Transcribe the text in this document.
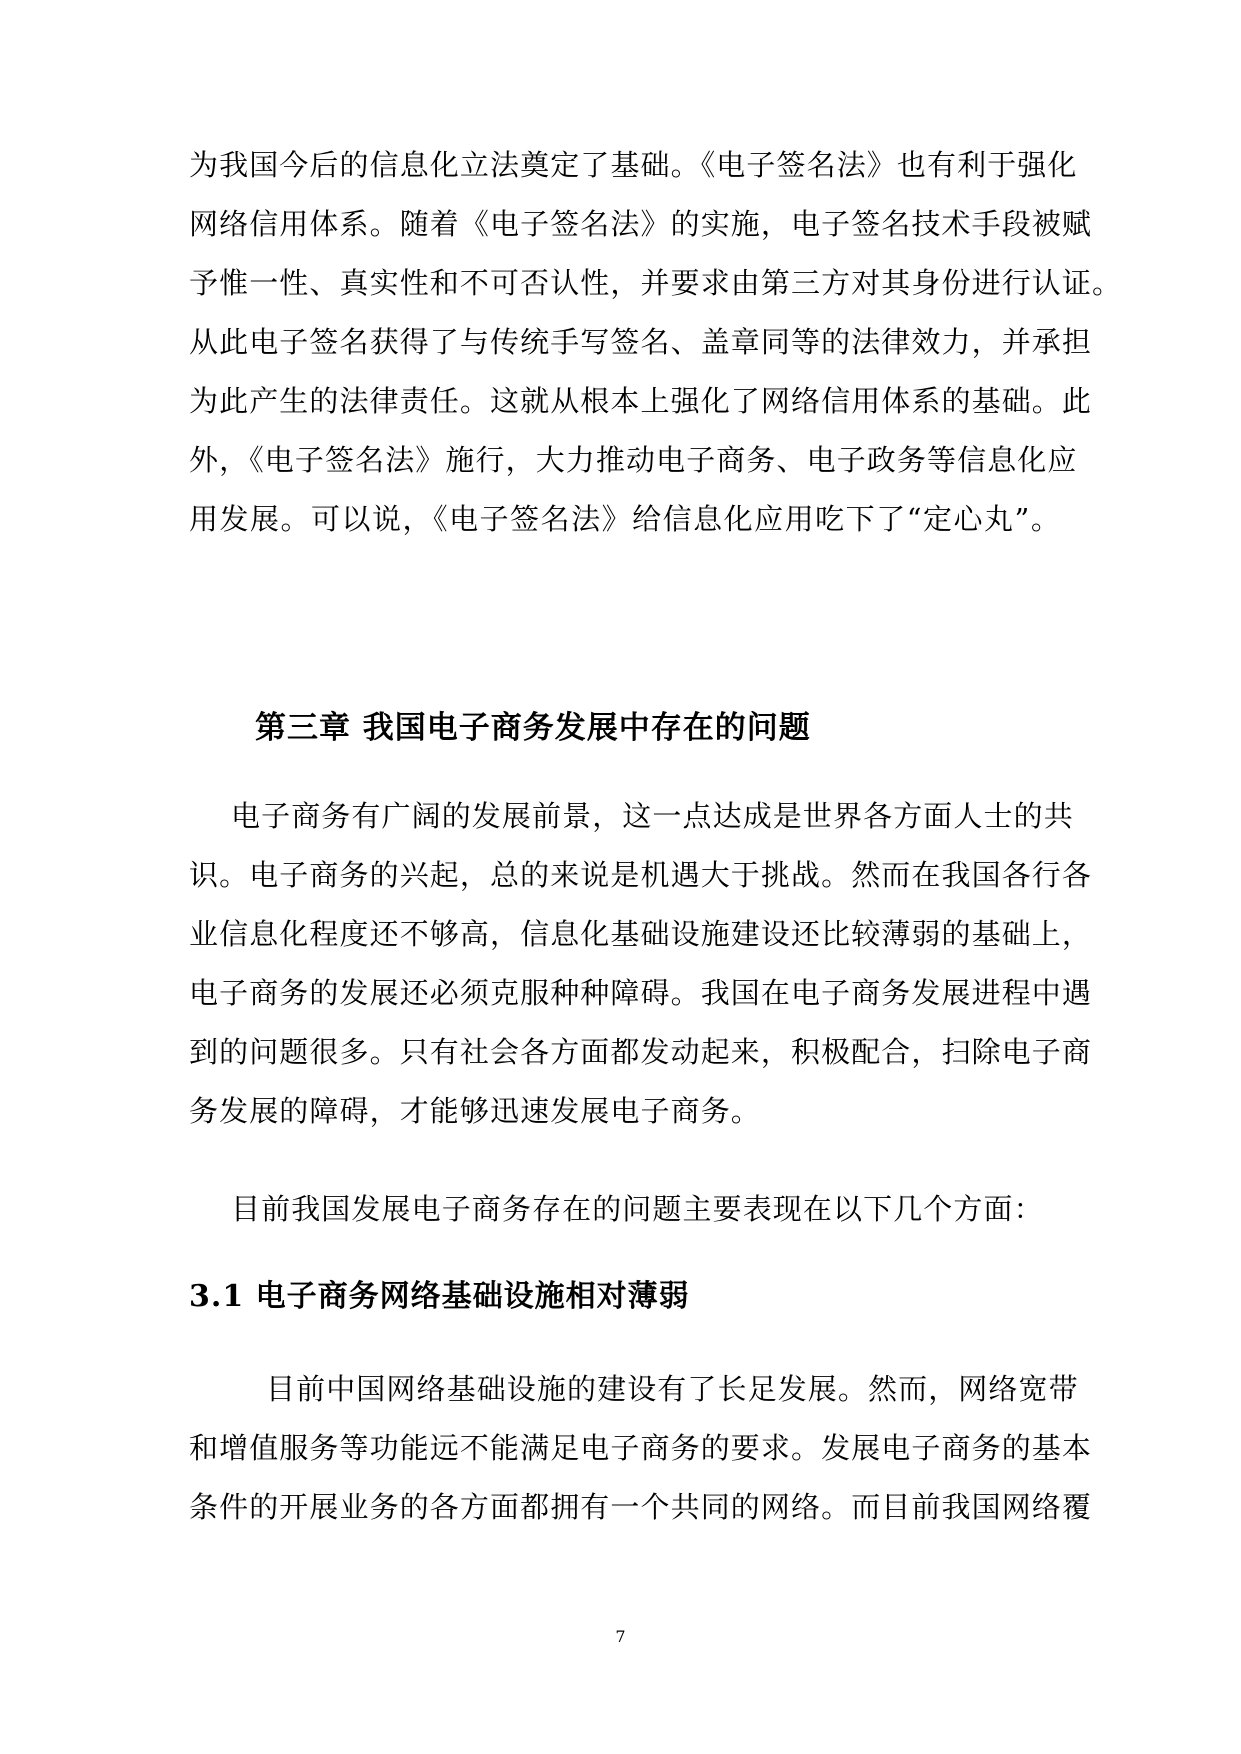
为我国今后的信息化立法奠定了基础。《电子签名法》也有利于强化
网络信用体系。随着《电子签名法》的实施，电子签名技术手段被赋
予惟一性、真实性和不可否认性，并要求由第三方对其身份进行认证。
从此电子签名获得了与传统手写签名、盖章同等的法律效力，并承担
为此产生的法律责任。这就从根本上强化了网络信用体系的基础。此
外，《电子签名法》施行，大力推动电子商务、电子政务等信息化应
用发展。可以说，《电子签名法》给信息化应用吃下了“定心丸”。
第三章 我国电子商务发展中存在的问题
电子商务有广阔的发展前景，这一点达成是世界各方面人士的共
识。电子商务的兴起，总的来说是机遇大于挑战。然而在我国各行各
业信息化程度还不够高，信息化基础设施建设还比较薄弱的基础上，
电子商务的发展还必须克服种种障碍。我国在电子商务发展进程中遇
到的问题很多。只有社会各方面都发动起来，积极配合，扫除电子商
务发展的障碍，才能够迅速发展电子商务。
目前我国发展电子商务存在的问题主要表现在以下几个方面：
3.1 电子商务网络基础设施相对薄弱
目前中国网络基础设施的建设有了长足发展。然而，网络宽带
和增值服务等功能远不能满足电子商务的要求。发展电子商务的基本
条件的开展业务的各方面都拥有一个共同的网络。而目前我国网络覆
7
